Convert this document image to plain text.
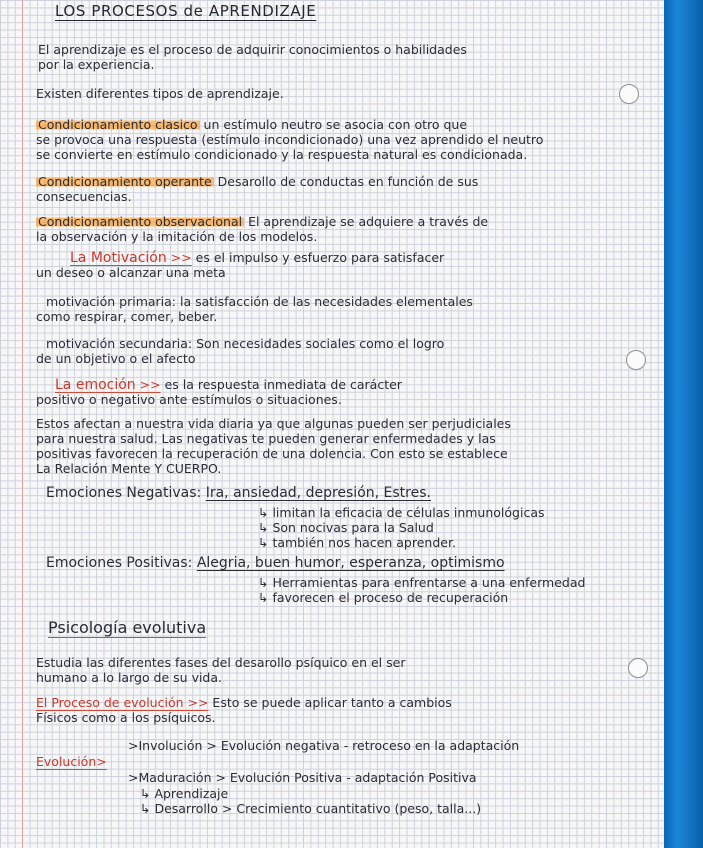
LOS PROCESOS de APRENDIZAJE
El aprendizaje es el proceso de adquirir conocimientos o habilidades
por la experiencia.
Existen diferentes tipos de aprendizaje.
Condicionamiento clasico un estímulo neutro se asocia con otro que
se provoca una respuesta (estímulo incondicionado) una vez aprendido el neutro
se convierte en estímulo condicionado y la respuesta natural es condicionada.
Condicionamiento operante Desarollo de conductas en función de sus
consecuencias.
Condicionamiento observacional El aprendizaje se adquiere a través de
la observación y la imitación de los modelos.
La Motivación >> es el impulso y esfuerzo para satisfacer
un deseo o alcanzar una meta
motivación primaria: la satisfacción de las necesidades elementales
como respirar, comer, beber.
motivación secundaria: Son necesidades sociales como el logro
de un objetivo o el afecto
La emoción >> es la respuesta inmediata de carácter
positivo o negativo ante estímulos o situaciones.
Estos afectan a nuestra vida diaria ya que algunas pueden ser perjudiciales
para nuestra salud. Las negativas te pueden generar enfermedades y las
positivas favorecen la recuperación de una dolencia. Con esto se establece
La Relación Mente Y CUERPO.
Emociones Negativas: Ira, ansiedad, depresión, Estres.
↳ limitan la eficacia de células inmunológicas
↳ Son nocivas para la Salud
↳ también nos hacen aprender.
Emociones Positivas: Alegria, buen humor, esperanza, optimismo
↳ Herramientas para enfrentarse a una enfermedad
↳ favorecen el proceso de recuperación
Psicología evolutiva
Estudia las diferentes fases del desarollo psíquico en el ser
humano a lo largo de su vida.
El Proceso de evolución >> Esto se puede aplicar tanto a cambios
Físicos como a los psíquicos.
>Involución > Evolución negativa - retroceso en la adaptación
Evolución>
>Maduración > Evolución Positiva - adaptación Positiva
↳ Aprendizaje
↳ Desarrollo > Crecimiento cuantitativo (peso, talla...)
